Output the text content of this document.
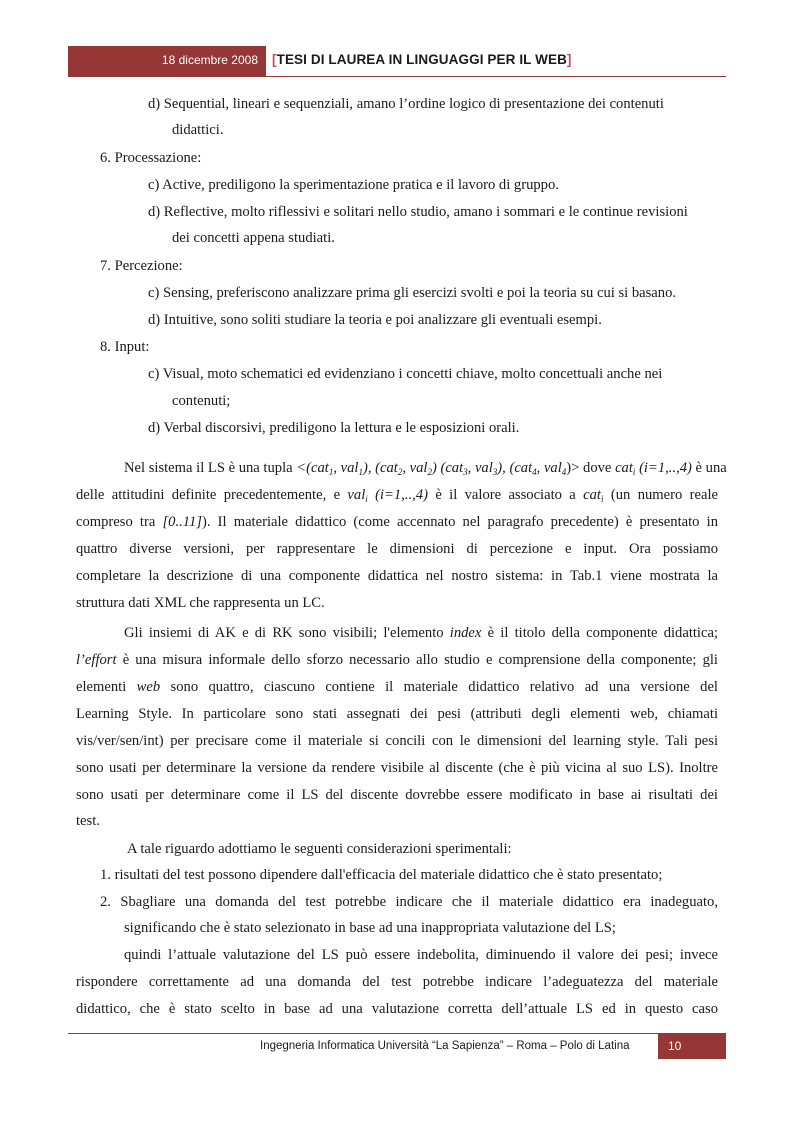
18 dicembre 2008 [TESI DI LAUREA IN LINGUAGGI PER IL WEB]
d) Sequential, lineari e sequenziali, amano l’ordine logico di presentazione dei contenuti
didattici.
6. Processazione:
c) Active, prediligono la sperimentazione pratica e il lavoro di gruppo.
d) Reflective, molto riflessivi e solitari nello studio, amano i sommari e le continue revisioni
dei concetti appena studiati.
7. Percezione:
c) Sensing, preferiscono analizzare prima gli esercizi svolti e poi la teoria su cui si basano.
d) Intuitive, sono soliti studiare la teoria e poi analizzare gli eventuali esempi.
8. Input:
c) Visual, moto schematici ed evidenziano i concetti chiave, molto concettuali anche nei
contenuti;
d) Verbal discorsivi, prediligono la lettura e le esposizioni orali.
Nel sistema il LS è una tupla <(cat$_1$, val$_1$), (cat$_2$, val$_2$) (cat$_3$, val$_3$), (cat$_4$, val$_4$)> dove cat$_i$ (i=1,..,4) è una
delle attitudini definite precedentemente, e val$_i$ (i=1,..,4) è il valore associato a cat$_i$ (un numero reale
compreso tra [0..11]). Il materiale didattico (come accennato nel paragrafo precedente) è presentato in
quattro diverse versioni, per rappresentare le dimensioni di percezione e input. Ora possiamo
completare la descrizione di una componente didattica nel nostro sistema: in Tab.1 viene mostrata la
struttura dati XML che rappresenta un LC.
Gli insiemi di AK e di RK sono visibili; l'elemento index è il titolo della componente didattica;
l’effort è una misura informale dello sforzo necessario allo studio e comprensione della componente; gli
elementi web sono quattro, ciascuno contiene il materiale didattico relativo ad una versione del
Learning Style. In particolare sono stati assegnati dei pesi (attributi degli elementi web, chiamati
vis/ver/sen/int) per precisare come il materiale si concili con le dimensioni del learning style. Tali pesi
sono usati per determinare la versione da rendere visibile al discente (che è più vicina al suo LS). Inoltre
sono usati per determinare come il LS del discente dovrebbe essere modificato in base ai risultati dei
test.
A tale riguardo adottiamo le seguenti considerazioni sperimentali:
1. risultati del test possono dipendere dall'efficacia del materiale didattico che è stato presentato;
2. Sbagliare una domanda del test potrebbe indicare che il materiale didattico era inadeguato,
significando che è stato selezionato in base ad una inappropriata valutazione del LS;
quindi l’attuale valutazione del LS può essere indebolita, diminuendo il valore dei pesi; invece
rispondere correttamente ad una domanda del test potrebbe indicare l’adeguatezza del materiale
didattico, che è stato scelto in base ad una valutazione corretta dell’attuale LS ed in questo caso
Ingegneria Informatica Università “La Sapienza” – Roma – Polo di Latina	10
